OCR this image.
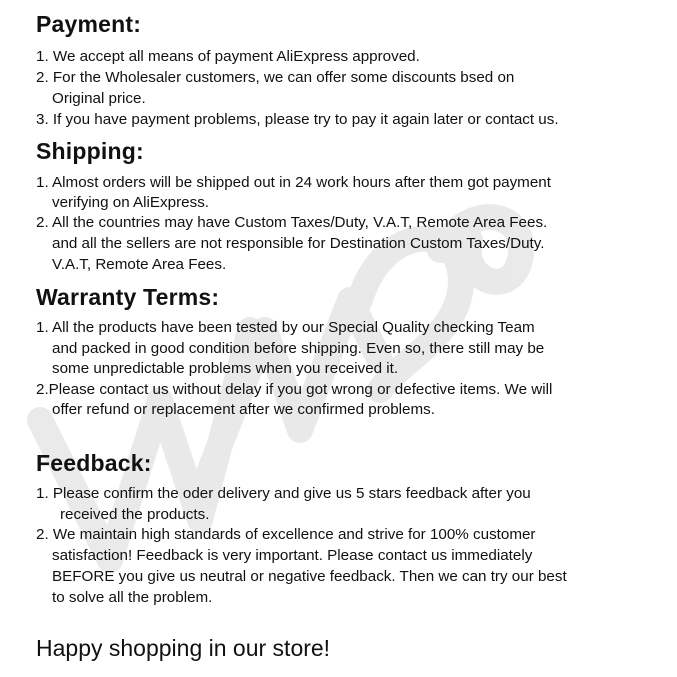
Payment:
1. We accept all means of payment AliExpress approved.
2. For the Wholesaler customers, we can offer some discounts bsed on
Original price.
3. If you have payment problems, please try to pay it again later or contact us.
Shipping:
1. Almost orders will be shipped out in 24 work hours after them got payment
verifying on AliExpress.
2. All the countries may have Custom Taxes/Duty, V.A.T, Remote Area Fees.
and all the sellers are not responsible for Destination Custom Taxes/Duty.
V.A.T, Remote Area Fees.
Warranty Terms:
1. All the products have been tested by our Special Quality checking Team
and packed in good condition before shipping. Even so, there still may be
some unpredictable problems when you received it.
2.Please contact us without delay if you got wrong or defective items. We will
offer refund or replacement after we confirmed problems.
Feedback:
1. Please confirm the oder delivery and give us 5 stars feedback after you
received the products.
2. We maintain high standards of excellence and strive for 100% customer
satisfaction! Feedback is very important. Please contact us immediately
BEFORE you give us neutral or negative feedback. Then we can try our best
to solve all the problem.
Happy shopping in our store!
